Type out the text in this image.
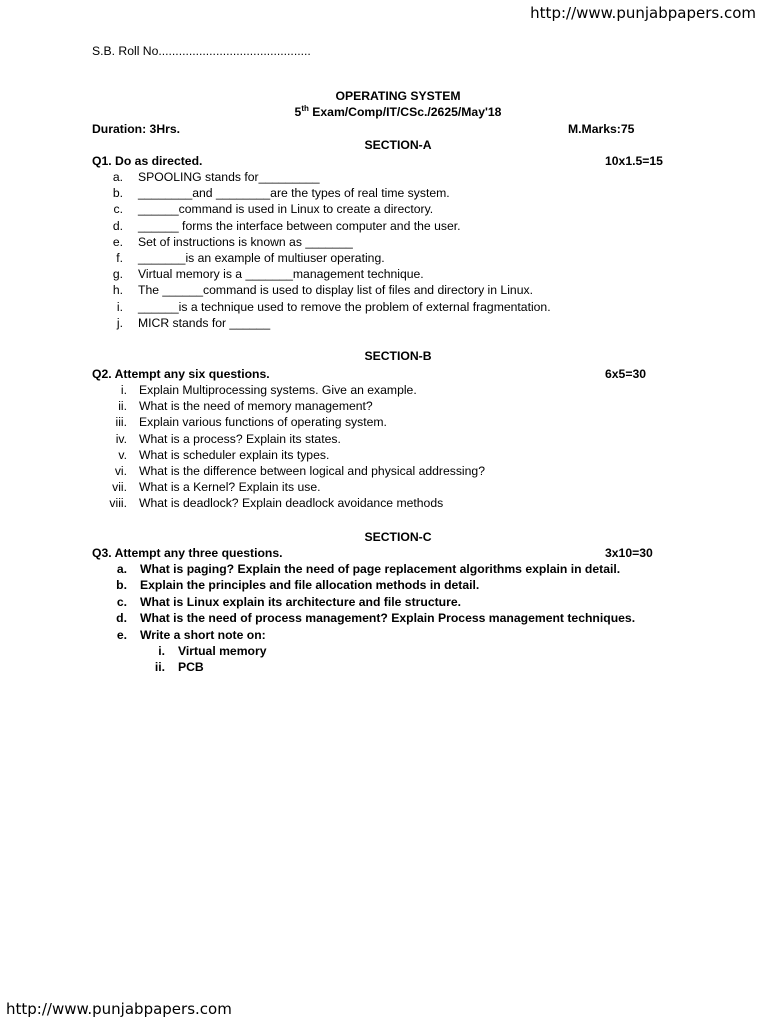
http://www.punjabpapers.com
S.B. Roll No.............................................
OPERATING SYSTEM
5th Exam/Comp/IT/CSc./2625/May'18
Duration: 3Hrs.	M.Marks:75
SECTION-A
Q1. Do as directed.	10x1.5=15
a. SPOOLING stands for_________
b. ________and ________are the types of real time system.
c. ______command is used in Linux to create a directory.
d. ______ forms the interface between computer and the user.
e. Set of instructions is known as _______
f. _______is an example of multiuser operating.
g. Virtual memory is a _______management technique.
h. The ______command is used to display list of files and directory in Linux.
i. ______is a technique used to remove the problem of external fragmentation.
j. MICR stands for ______
SECTION-B
Q2. Attempt any six questions.	6x5=30
i. Explain Multiprocessing systems. Give an example.
ii. What is the need of memory management?
iii. Explain various functions of operating system.
iv. What is a process? Explain its states.
v. What is scheduler explain its types.
vi. What is the difference between logical and physical addressing?
vii. What is a Kernel? Explain its use.
viii. What is deadlock? Explain deadlock avoidance methods
SECTION-C
Q3. Attempt any three questions.	3x10=30
a. What is paging? Explain the need of page replacement algorithms explain in detail.
b. Explain the principles and file allocation methods in detail.
c. What is Linux explain its architecture and file structure.
d. What is the need of process management? Explain Process management techniques.
e. Write a short note on:
i. Virtual memory
ii. PCB
http://www.punjabpapers.com
